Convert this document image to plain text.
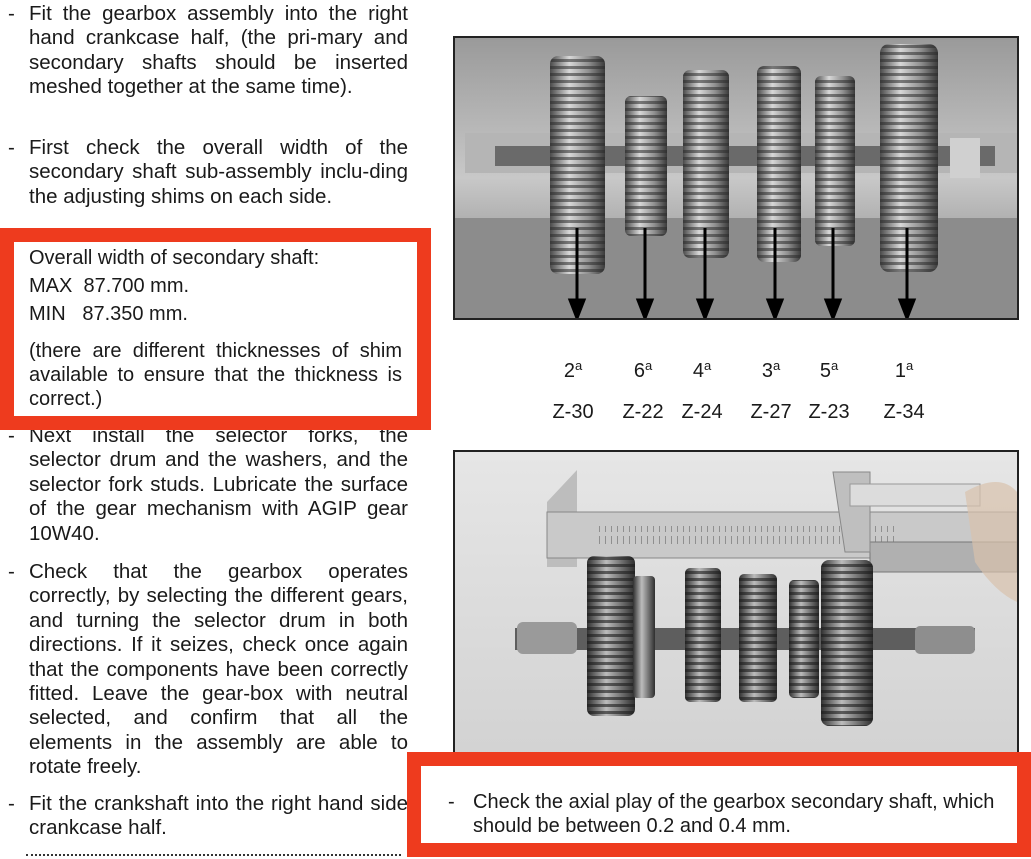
- Fit the gearbox assembly into the right hand crankcase half, (the pri-mary and secondary shafts should be inserted meshed together at the same time).
- First check the overall width of the secondary shaft sub-assembly inclu-ding the adjusting shims on each side.
Overall width of secondary shaft:
MAX  87.700 mm.
MIN   87.350 mm.
(there are different thicknesses of shim available to ensure that the thickness is correct.)
- Next install the selector forks, the selector drum and the washers, and the selector fork studs. Lubricate the surface of the gear mechanism with AGIP gear 10W40.
- Check that the gearbox operates correctly, by selecting the different gears, and turning the selector drum in both directions. If it seizes, check once again that the components have been correctly fitted. Leave the gear-box with neutral selected, and confirm that all the elements in the assembly are able to rotate freely.
- Fit the crankshaft into the right hand side crankcase half.
2$^a$	6$^a$	4$^a$	3$^a$	5$^a$	1$^a$
Z-30	Z-22 Z-24	Z-27 Z-23	Z-34
- Check the axial play of the gearbox secondary shaft, which should be between 0.2 and 0.4 mm.
